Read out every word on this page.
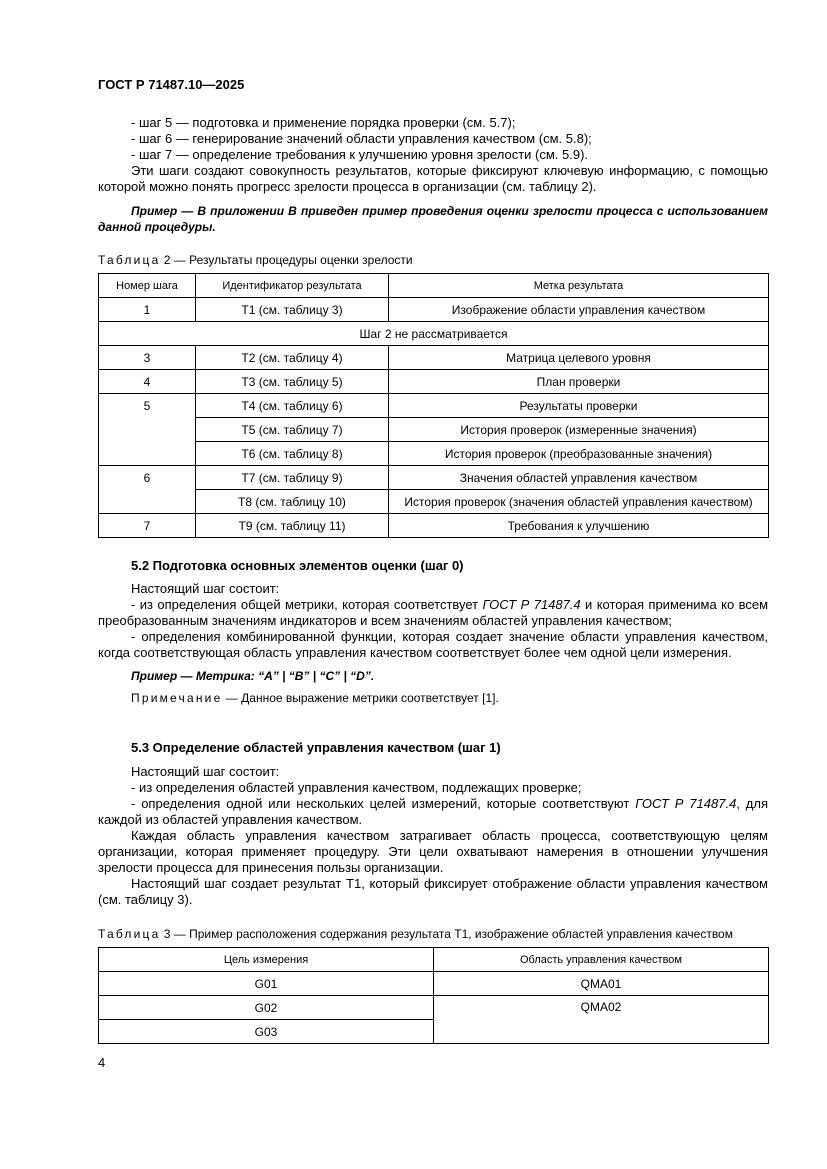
ГОСТ Р 71487.10—2025

- шаг 5 — подготовка и применение порядка проверки (см. 5.7);

- шаг 6 — генерирование значений области управления качеством (см. 5.8);

- шаг 7 — определение требования к улучшению уровня зрелости (см. 5.9).

Эти шаги создают совокупность результатов, которые фиксируют ключевую информацию, с помощью которой можно понять прогресс зрелости процесса в организации (см. таблицу 2).

Пример — В приложении В приведен пример проведения оценки зрелости процесса с использованием данной процедуры.

Таблица 2 — Результаты процедуры оценки зрелости

Номер шага	Идентификатор результата	Метка результата
1	T1 (см. таблицу 3)	Изображение области управления качеством
Шаг 2 не рассматривается		
3	T2 (см. таблицу 4)	Матрица целевого уровня
4	T3 (см. таблицу 5)	План проверки
5	T4 (см. таблицу 6)	Результаты проверки
	T5 (см. таблицу 7)	История проверок (измеренные значения)
	T6 (см. таблицу 8)	История проверок (преобразованные значения)
6	T7 (см. таблицу 9)	Значения областей управления качеством
	T8 (см. таблицу 10)	История проверок (значения областей управления качеством)
7	T9 (см. таблицу 11)	Требования к улучшению

5.2 Подготовка основных элементов оценки (шаг 0)

Настоящий шаг состоит:

- из определения общей метрики, которая соответствует ГОСТ Р 71487.4 и которая применима ко всем преобразованным значениям индикаторов и всем значениям областей управления качеством;

- определения комбинированной функции, которая создает значение области управления качеством, когда соответствующая область управления качеством соответствует более чем одной цели измерения.

Пример — Метрика: “A” | “B” | “C” | “D”.

Примечание — Данное выражение метрики соответствует [1].

5.3 Определение областей управления качеством (шаг 1)

Настоящий шаг состоит:

- из определения областей управления качеством, подлежащих проверке;

- определения одной или нескольких целей измерений, которые соответствуют ГОСТ Р 71487.4, для каждой из областей управления качеством.

Каждая область управления качеством затрагивает область процесса, соответствующую целям организации, которая применяет процедуру. Эти цели охватывают намерения в отношении улучшения зрелости процесса для принесения пользы организации.

Настоящий шаг создает результат T1, который фиксирует отображение области управления качеством (см. таблицу 3).

Таблица 3 — Пример расположения содержания результата T1, изображение областей управления качеством

Цель измерения	Область управления качеством
G01	QMA01
G02	QMA02
G03	
4
